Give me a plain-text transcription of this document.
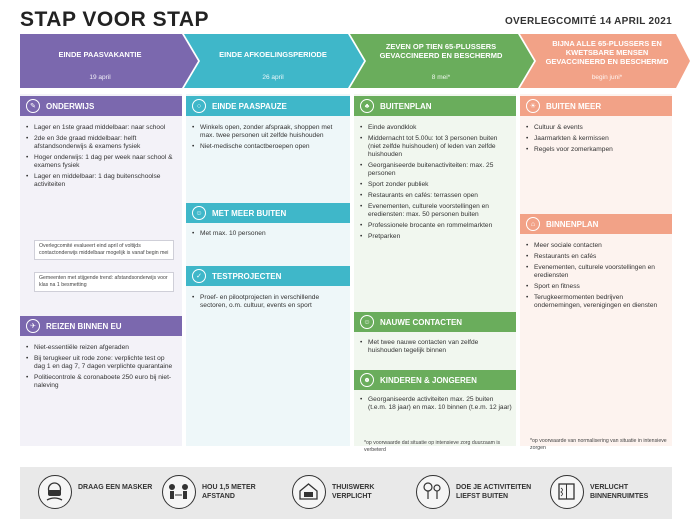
STAP VOOR STAP	OVERLEGCOMITÉ 14 APRIL 2021
EINDE PAASVAKANTIE
19 april
EINDE AFKOELINGSPERIODE
26 april
ZEVEN OP TIEN 65-PLUSSERS GEVACCINEERD EN BESCHERMD
8 mei*
BIJNA ALLE 65-PLUSSERS EN KWETSBARE MENSEN GEVACCINEERD EN BESCHERMD
begin juni*
✎	ONDERWIJS
• Lager en 1ste graad middelbaar: naar school
• 2de en 3de graad middelbaar: helft afstandsonderwijs & examens fysiek
• Hoger onderwijs: 1 dag per week naar school & examens fysiek
• Lager en middelbaar: 1 dag buitenschoolse activiteiten
Overlegcomité evalueert eind april of voltijds contactonderwijs middelbaar mogelijk is vanaf begin mei
Gemeenten met stijgende trend: afstandsonderwijs voor klas na 1 besmetting
✈	REIZEN BINNEN EU
• Niet-essentiële reizen afgeraden
• Bij terugkeer uit rode zone: verplichte test op dag 1 en dag 7, 7 dagen verplichte quarantaine
• Politiecontrole & coronaboete 250 euro bij niet-naleving
○	EINDE PAASPAUZE
• Winkels open, zonder afspraak, shoppen met max. twee personen uit zelfde huishouden
• Niet-medische contactberoepen open
☺	MET MEER BUITEN
• Met max. 10 personen
✓	TESTPROJECTEN
• Proef- en pilootprojecten in verschillende sectoren, o.m. cultuur, events en sport
♣	BUITENPLAN
• Einde avondklok
• Middernacht tot 5.00u: tot 3 personen buiten (niet zelfde huishouden) of leden van zelfde huishouden
• Georganiseerde buitenactiviteiten: max. 25 personen
• Sport zonder publiek
• Restaurants en cafés: terrassen open
• Evenementen, culturele voorstellingen en erediensten: max. 50 personen buiten
• Professionele brocante en rommelmarkten
• Pretparken
☺	NAUWE CONTACTEN
• Met twee nauwe contacten van zelfde huishouden tegelijk binnen
☻	KINDEREN & JONGEREN
• Georganiseerde activiteiten max. 25 buiten (t.e.m. 18 jaar) en max. 10 binnen (t.e.m. 12 jaar)
*op voorwaarde dat situatie op intensieve zorg duurzaam is verbeterd
☀	BUITEN MEER
• Cultuur & events
• Jaarmarkten & kermissen
• Regels voor zomerkampen
⌂	BINNENPLAN
• Meer sociale contacten
• Restaurants en cafés
• Evenementen, culturele voorstellingen en erediensten
• Sport en fitness
• Terugkeermomenten bedrijven ondernemingen, verenigingen en diensten
*op voorwaarde van normalisering van situatie in intensieve zorgen
DRAAG EEN MASKER	HOU 1,5 METER AFSTAND
THUISWERK VERPLICHT
DOE JE ACTIVITEITEN LIEFST BUITEN
VERLUCHT BINNENRUIMTES
